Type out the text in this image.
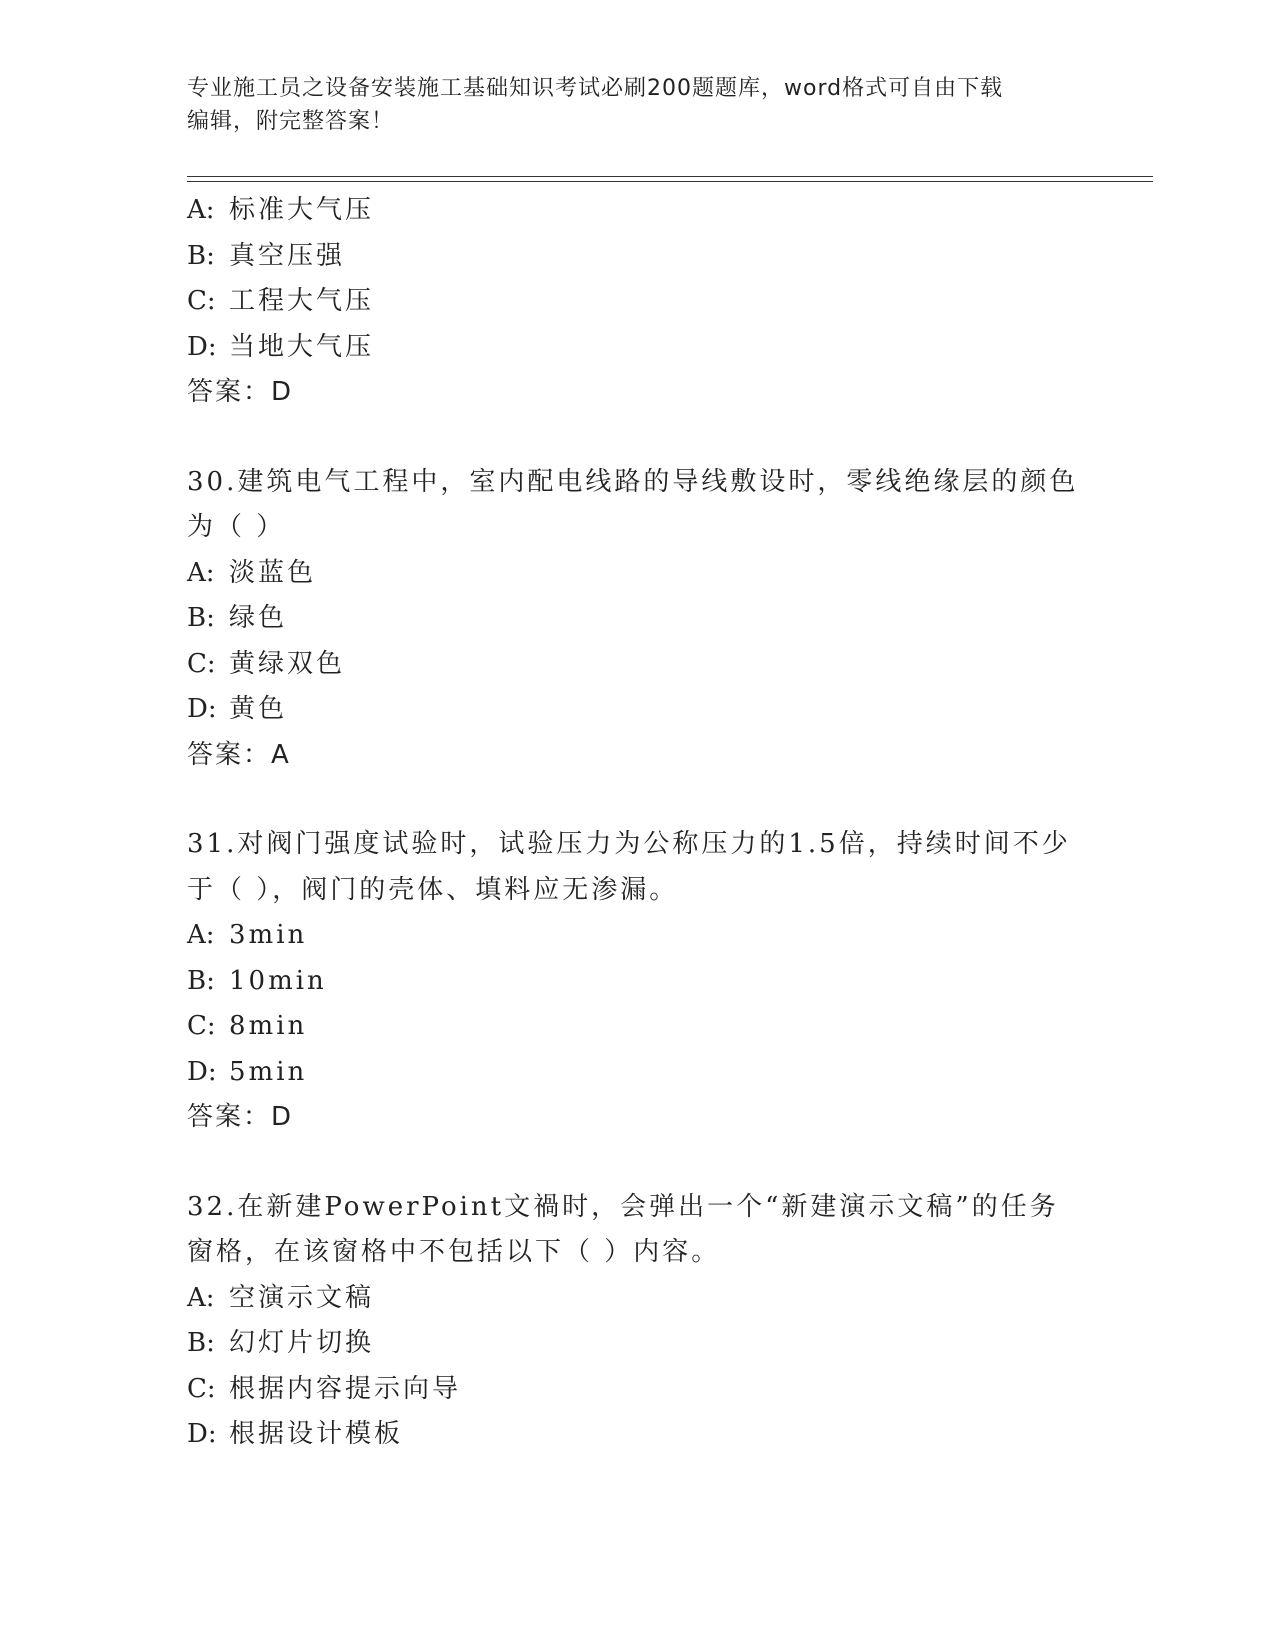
专业施工员之设备安装施工基础知识考试必刷200题题库，word格式可自由下载
编辑，附完整答案！
A: 标准大气压
B: 真空压强
C: 工程大气压
D: 当地大气压
答案：D
30.建筑电气工程中，室内配电线路的导线敷设时，零线绝缘层的颜色
为（ ）
A: 淡蓝色
B: 绿色
C: 黄绿双色
D: 黄色
答案：A
31.对阀门强度试验时，试验压力为公称压力的1.5倍，持续时间不少
于（ ），阀门的壳体、填料应无渗漏。
A: 3min
B: 10min
C: 8min
D: 5min
答案：D
32.在新建PowerPoint文禍时，会弹出一个“新建演示文稿”的任务
窗格，在该窗格中不包括以下（ ）内容。
A: 空演示文稿
B: 幻灯片切换
C: 根据内容提示向导
D: 根据设计模板
